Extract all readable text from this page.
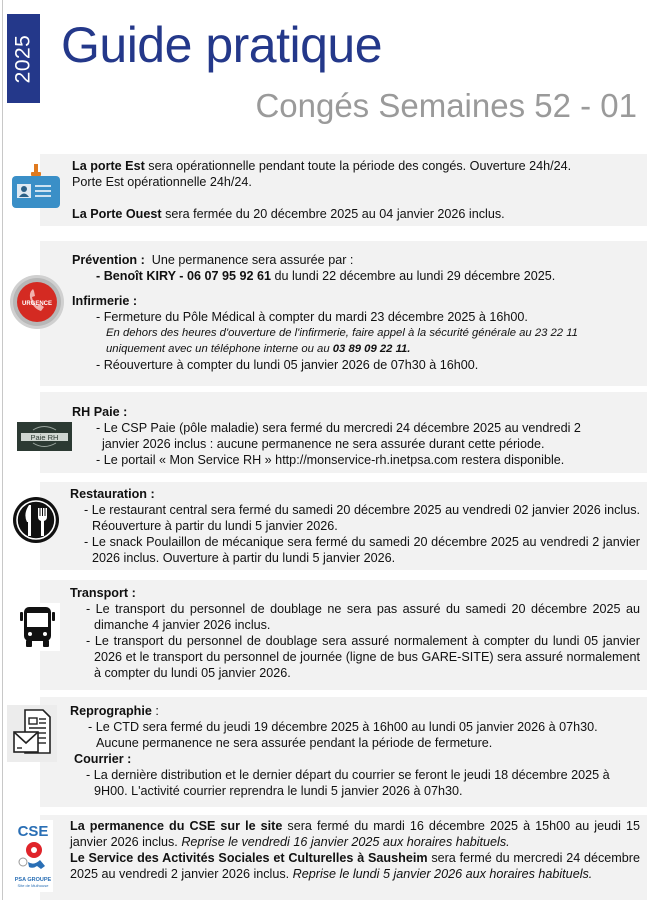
2025 Guide pratique
Congés Semaines 52 - 01
La porte Est sera opérationnelle pendant toute la période des congés. Ouverture 24h/24.
Porte Est opérationnelle 24h/24.
La Porte Ouest sera fermée du 20 décembre 2025 au 04 janvier 2026 inclus.
URGENCE
Prévention :  Une permanence sera assurée par :
- Benoît KIRY - 06 07 95 92 61 du lundi 22 décembre au lundi 29 décembre 2025.
Infirmerie :
- Fermeture du Pôle Médical à compter du mardi 23 décembre 2025 à 16h00.
En dehors des heures d'ouverture de l'infirmerie, faire appel à la sécurité générale au 23 22 11
uniquement avec un téléphone interne ou au 03 89 09 22 11.
- Réouverture à compter du lundi 05 janvier 2026 de 07h30 à 16h00.
Paie RH
RH Paie :
- Le CSP Paie (pôle maladie) sera fermé du mercredi 24 décembre 2025 au vendredi 2
janvier 2026 inclus : aucune permanence ne sera assurée durant cette période.
- Le portail « Mon Service RH » http://monservice-rh.inetpsa.com restera disponible.
Restauration :
- Le restaurant central sera fermé du samedi 20 décembre 2025 au vendredi 02 janvier 2026 inclus. Réouverture à partir du lundi 5 janvier 2026.
- Le snack Poulaillon de mécanique sera fermé du samedi 20 décembre 2025 au vendredi 2 janvier 2026 inclus. Ouverture à partir du lundi 5 janvier 2026.
Transport :
- Le transport du personnel de doublage ne sera pas assuré du samedi 20 décembre 2025 au dimanche 4 janvier 2026 inclus.
- Le transport du personnel de doublage sera assuré normalement à compter du lundi 05 janvier 2026 et le transport du personnel de journée (ligne de bus GARE-SITE) sera assuré normalement à compter du lundi 05 janvier 2026.
Reprographie :
- Le CTD sera fermé du jeudi 19 décembre 2025 à 16h00 au lundi 05 janvier 2026 à 07h30. Aucune permanence ne sera assurée pendant la période de fermeture.
Courrier :
- La dernière distribution et le dernier départ du courrier se feront le jeudi 18 décembre 2025 à 9H00. L'activité courrier reprendra le lundi 5 janvier 2026 à 07h30.
CSE
PSA GROUPE
Site de Mulhouse
La permanence du CSE sur le site sera fermé du mardi 16 décembre 2025 à 15h00 au jeudi 15 janvier 2026 inclus. Reprise le vendredi 16 janvier 2025 aux horaires habituels.
Le Service des Activités Sociales et Culturelles à Sausheim sera fermé du mercredi 24 décembre 2025 au vendredi 2 janvier 2026 inclus. Reprise le lundi 5 janvier 2026 aux horaires habituels.
